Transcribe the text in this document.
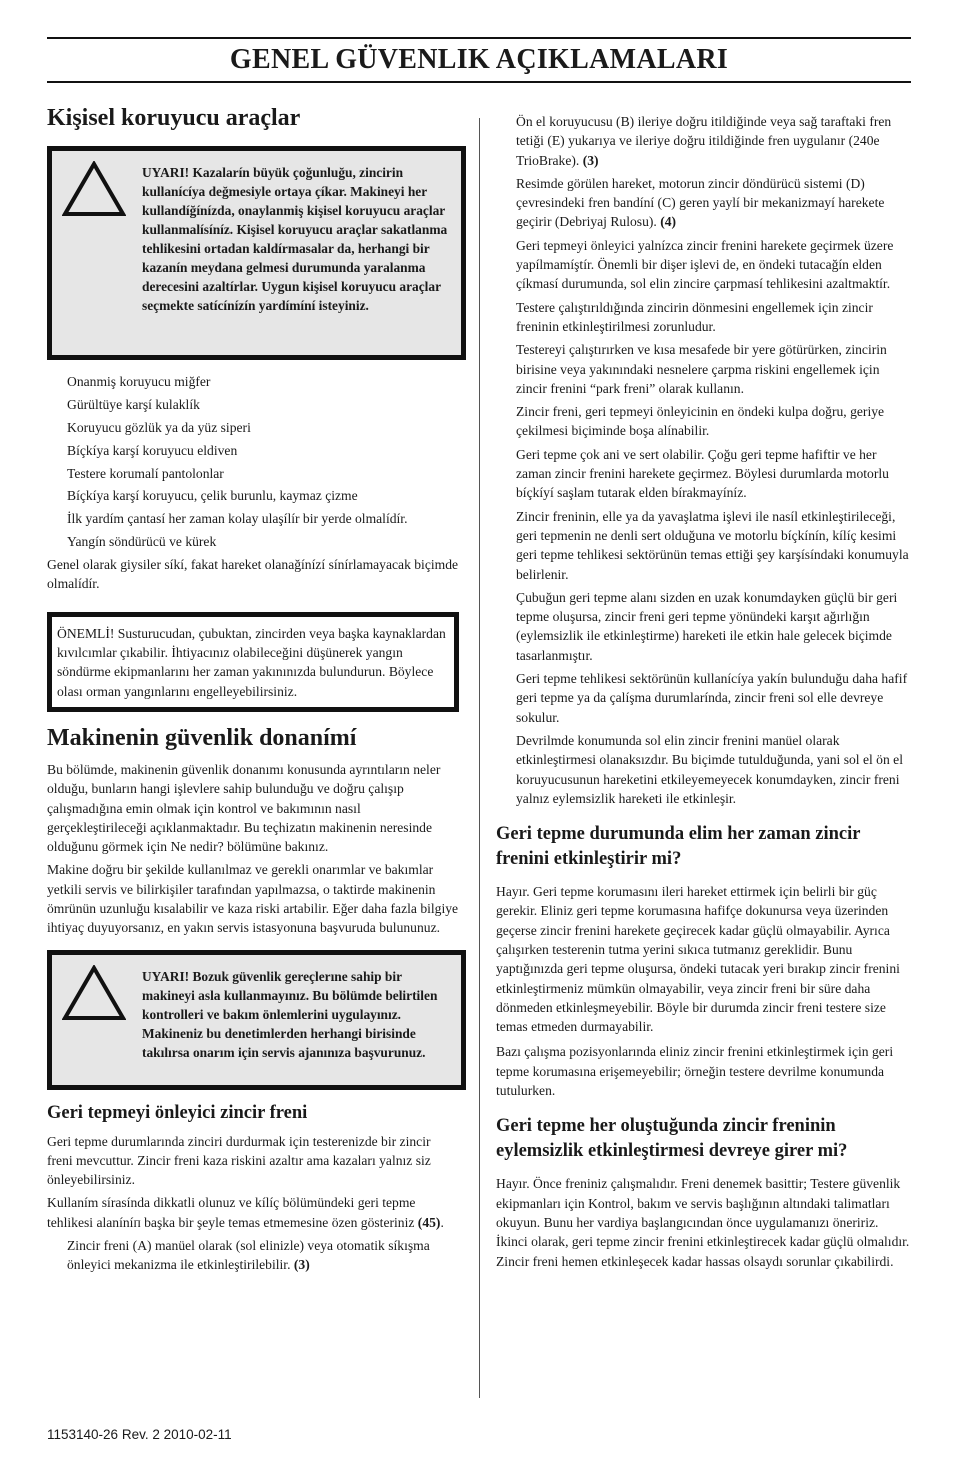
GENEL GÜVENLIK AÇIKLAMALARI
Kişisel koruyucu araçlar
UYARI! Kazalarín büyük çoğunluğu, zincirin kullanícíya değmesiyle ortaya çíkar. Makineyi her kullandíğínízda, onaylanmiş kişisel koruyucu araçlar kullanmalísíníz. Kişisel koruyucu araçlar sakatlanma tehlikesini ortadan kaldírmasalar da, herhangi bir kazanín meydana gelmesi durumunda yaralanma derecesini azaltírlar. Uygun kişisel koruyucu araçlar seçmekte satícínízín yardímíní isteyiniz.
Onanmiş koruyucu miğfer
Gürültüye karşí kulaklík
Koruyucu gözlük ya da yüz siperi
Bíçkíya karşí koruyucu eldiven
Testere korumalí pantolonlar
Bíçkíya karşí koruyucu, çelik burunlu, kaymaz çizme
İlk yardím çantasí her zaman kolay ulaşílír bir yerde olmalídír.
Yangín söndürücü ve kürek

Genel olarak giysiler síkí, fakat hareket olanağínízí sínírlamayacak biçimde olmalídír.

ÖNEMLİ! Susturucudan, çubuktan, zincirden veya başka kaynaklardan kıvılcımlar çıkabilir. İhtiyacınız olabileceğini düşünerek yangın söndürme ekipmanlarını her zaman yakınınızda bulundurun. Böylece olası orman yangınlarını engelleyebilirsiniz.

Makinenin güvenlik donanímí

Bu bölümde, makinenin güvenlik donanımı konusunda ayrıntıların neler olduğu, bunların hangi işlevlere sahip bulunduğu ve doğru çalışıp çalışmadığına emin olmak için kontrol ve bakımının nasıl gerçekleştirileceği açıklanmaktadır. Bu teçhizatın makinenin neresinde olduğunu görmek için Ne nedir? bölümüne bakınız.

Makine doğru bir şekilde kullanılmaz ve gerekli onarımlar ve bakımlar yetkili servis ve bilirkişiler tarafından yapılmazsa, o taktirde makinenin ömrünün uzunluğu kısalabilir ve kaza riski artabilir. Eğer daha fazla bilgiye ihtiyaç duyuyorsanız, en yakın servis istasyonuna başvuruda bulununuz.

UYARI! Bozuk güvenlik gereçlerıne sahip bir makineyi asla kullanmayınız. Bu bölümde belirtilen kontrolleri ve bakım önlemlerini uygulayınız. Makineniz bu denetimlerden herhangi birisinde takılırsa onarım için servis ajanınıza başvurunuz.
Geri tepmeyi önleyici zincir freni

Geri tepme durumlarında zinciri durdurmak için testerenizde bir zincir freni mevcuttur. Zincir freni kaza riskini azaltır ama kazaları yalnız siz önleyebilirsiniz.

Kullaním sírasínda dikkatli olunuz ve kílíç bölümündeki geri tepme tehlikesi alaníníп başka bir şeyle temas etmemesine özen gösteriniz (45).

Zincir freni (A) manüel olarak (sol elinizle) veya otomatik síkışma önleyici mekanizma ile etkinleştirilebilir. (3)

Ön el koruyucusu (B) ileriye doğru itildiğinde veya sağ taraftaki fren tetiği (E) yukarıya ve ileriye doğru itildiğinde fren uygulanır (240e TrioBrake). (3)

Resimde görülen hareket, motorun zincir döndürücü sistemi (D) çevresindeki fren bandíní (C) geren yaylí bir mekanizmayí harekete geçirir (Debriyaj Rulosu). (4)

Geri tepmeyi önleyici yalnízca zincir frenini harekete geçirmek üzere yapílmamíştír. Önemli bir dişer işlevi de, en öndeki tutacağín elden çíkmasí durumunda, sol elin zincire çarpmasí tehlikesini azaltmaktír.

Testere çalıştırıldığında zincirin dönmesini engellemek için zincir freninin etkinleştirilmesi zorunludur.

Testereyi çalıştırırken ve kısa mesafede bir yere götürürken, zincirin birisine veya yakınındaki nesnelere çarpma riskini engellemek için zincir frenini “park freni” olarak kullanın.

Zincir freni, geri tepmeyi önleyicinin en öndeki kulpa doğru, geriye çekilmesi biçiminde boşa alínabilir.

Geri tepme çok ani ve sert olabilir. Çoğu geri tepme hafiftir ve her zaman zincir frenini harekete geçirmez. Böylesi durumlarda motorlu bíçkíyí saşlam tutarak elden bírakmayíníz.

Zincir freninin, elle ya da yavaşlatma işlevi ile nasíl etkinleştirileceği, geri tepmenin ne denli sert olduğuna ve motorlu bíçkínín, kílíç kesimi geri tepme tehlikesi sektörünün temas ettiği şey karşísíndaki konumuyla belirlenir.

Çubuğun geri tepme alanı sizden en uzak konumdayken güçlü bir geri tepme oluşursa, zincir freni geri tepme yönündeki karşıt ağırlığın (eylemsizlik ile etkinleştirme) hareketi ile etkin hale gelecek biçimde tasarlanmıştır.

Geri tepme tehlikesi sektörünün kullanícíya yakín bulunduğu daha hafif geri tepme ya da çalíşma durumlarínda, zincir freni sol elle devreye sokulur.

Devrilmde konumunda sol elin zincir frenini manüel olarak etkinleştirmesi olanaksızdır. Bu biçimde tutulduğunda, yani sol el ön el koruyucusunun hareketini etkileyemeyecek konumdayken, zincir freni yalnız eylemsizlik hareketi ile etkinleşir.

Geri tepme durumunda elim her zaman zincir frenini etkinleştirir mi?

Hayır. Geri tepme korumasını ileri hareket ettirmek için belirli bir güç gerekir. Eliniz geri tepme korumasına hafifçe dokunursa veya üzerinden geçerse zincir frenini harekete geçirecek kadar güçlü olmayabilir. Ayrıca çalışırken testerenin tutma yerini sıkıca tutmanız gereklidir. Bunu yaptığınızda geri tepme oluşursa, öndeki tutacak yeri bırakıp zincir frenini etkinleştirmeniz mümkün olmayabilir, veya zincir freni bir süre daha dönmeden etkinleşmeyebilir. Böyle bir durumda zincir freni testere size temas etmeden durmayabilir.

Bazı çalışma pozisyonlarında eliniz zincir frenini etkinleştirmek için geri tepme korumasına erişemeyebilir; örneğin testere devrilme konumunda tutulurken.

Geri tepme her oluştuğunda zincir freninin eylemsizlik etkinleştirmesi devreye girer mi?

Hayır. Önce freniniz çalışmalıdır. Freni denemek basittir; Testere güvenlik ekipmanları için Kontrol, bakım ve servis başlığının altındaki talimatları okuyun. Bunu her vardiya başlangıcından önce uygulamanızı öneririz. İkinci olarak, geri tepme zincir frenini etkinleştirecek kadar güçlü olmalıdır. Zincir freni hemen etkinleşecek kadar hassas olsaydı sorunlar çıkabilirdi.

1153140-26 Rev. 2 2010-02-11
